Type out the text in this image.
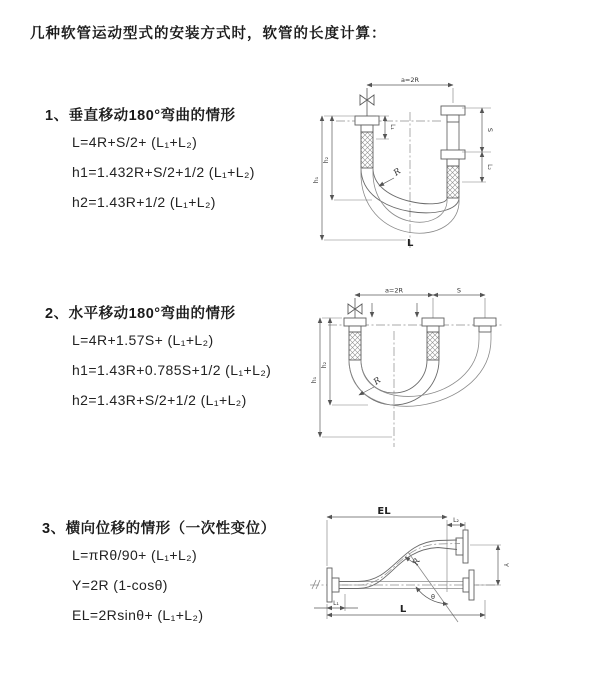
几种软管运动型式的安装方式时，软管的长度计算：
1、垂直移动180°弯曲的情形
L=4R+S/2+ (L₁+L₂)
h1=1.432R+S/2+1/2 (L₁+L₂)
h2=1.43R+1/2 (L₁+L₂)
a=2R
L₁
S
L₂
h₁
h₂
R
L
2、水平移动180°弯曲的情形
L=4R+1.57S+ (L₁+L₂)
h1=1.43R+0.785S+1/2 (L₁+L₂)
h2=1.43R+S/2+1/2 (L₁+L₂)
a=2R	S
h₁
h₂
R
3、横向位移的情形（一次性变位）
L=πRθ/90+ (L₁+L₂)
Y=2R (1-cosθ)
EL=2Rsinθ+ (L₁+L₂)
EL
L₂
θ
R	Y
L₁
L
